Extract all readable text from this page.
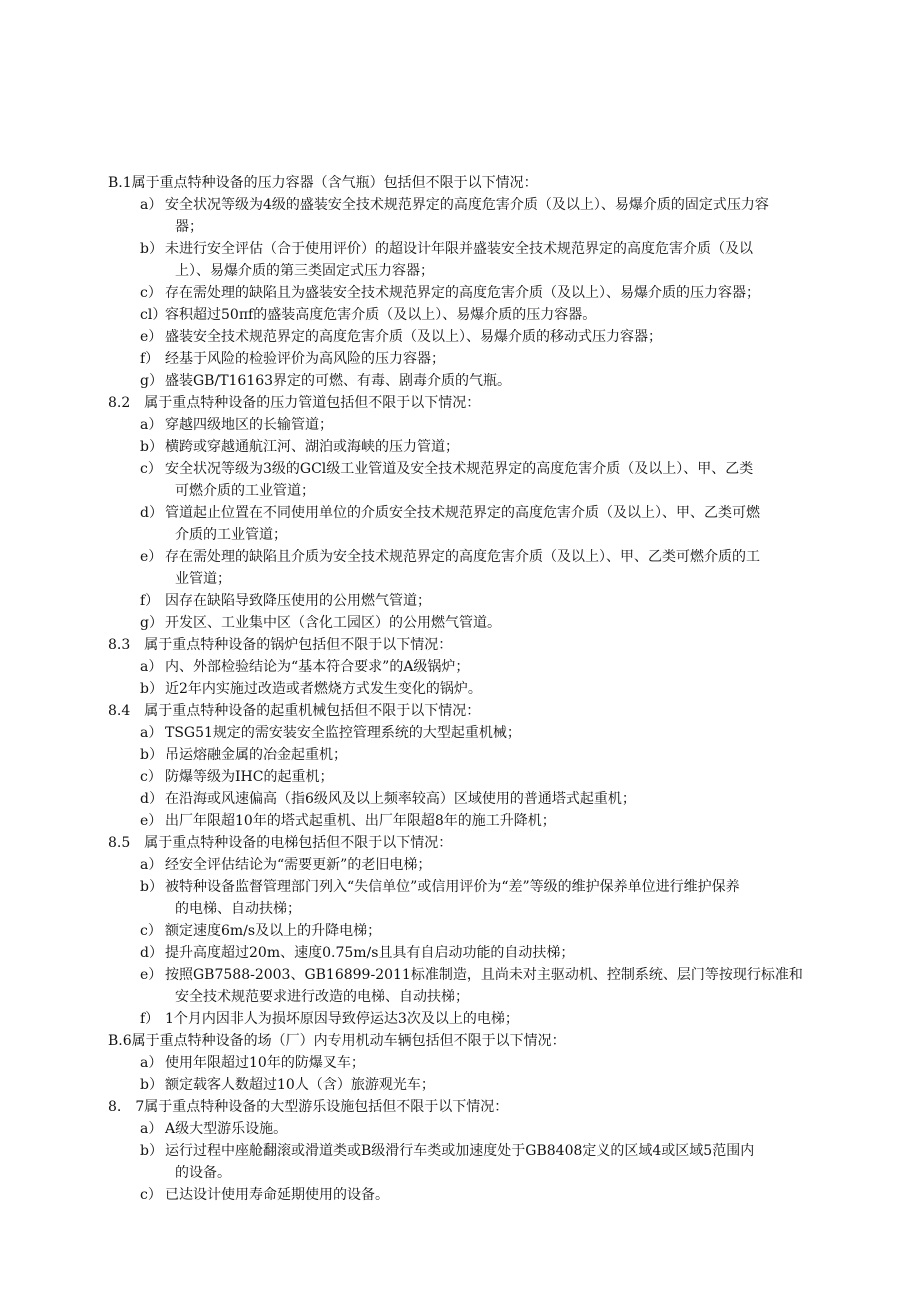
B.1属于重点特种设备的压力容器（含气瓶）包括但不限于以下情况：
a） 安全状况等级为4级的盛装安全技术规范界定的高度危害介质（及以上）、易爆介质的固定式压力容
器；
b） 未进行安全评估（合于使用评价）的超设计年限并盛装安全技术规范界定的高度危害介质（及以
上）、易爆介质的第三类固定式压力容器；
c） 存在需处理的缺陷且为盛装安全技术规范界定的高度危害介质（及以上）、易爆介质的压力容器；
cl）容积超过50πf的盛装高度危害介质（及以上）、易爆介质的压力容器。
e） 盛装安全技术规范界定的高度危害介质（及以上）、易爆介质的移动式压力容器；
f） 经基于风险的检验评价为高风险的压力容器；
g） 盛装GB/T16163界定的可燃、有毒、剧毒介质的气瓶。
8.2　属于重点特种设备的压力管道包括但不限于以下情况：
a） 穿越四级地区的长输管道；
b） 横跨或穿越通航江河、湖泊或海峡的压力管道；
c） 安全状况等级为3级的GCl级工业管道及安全技术规范界定的高度危害介质（及以上）、甲、乙类
可燃介质的工业管道；
d） 管道起止位置在不同使用单位的介质安全技术规范界定的高度危害介质（及以上）、甲、乙类可燃
介质的工业管道；
e） 存在需处理的缺陷且介质为安全技术规范界定的高度危害介质（及以上）、甲、乙类可燃介质的工
业管道；
f） 因存在缺陷导致降压使用的公用燃气管道；
g） 开发区、工业集中区（含化工园区）的公用燃气管道。
8.3　属于重点特种设备的锅炉包括但不限于以下情况：
a） 内、外部检验结论为“基本符合要求”的A级锅炉；
b） 近2年内实施过改造或者燃烧方式发生变化的锅炉。
8.4　属于重点特种设备的起重机械包括但不限于以下情况：
a） TSG51规定的需安装安全监控管理系统的大型起重机械；
b） 吊运熔融金属的冶金起重机；
c） 防爆等级为IHC的起重机；
d） 在沿海或风速偏高（指6级风及以上频率较高）区域使用的普通塔式起重机；
e） 出厂年限超10年的塔式起重机、出厂年限超8年的施工升降机；
8.5　属于重点特种设备的电梯包括但不限于以下情况：
a） 经安全评估结论为“需要更新”的老旧电梯；
b） 被特种设备监督管理部门列入“失信单位”或信用评价为“差”等级的维护保养单位进行维护保养
的电梯、自动扶梯；
c） 额定速度6m∕s及以上的升降电梯；
d） 提升高度超过20m、速度0.75m∕s且具有自启动功能的自动扶梯；
e） 按照GB7588-2003、GB16899-2011标准制造，且尚未对主驱动机、控制系统、层门等按现行标准和
安全技术规范要求进行改造的电梯、自动扶梯；
f） 1个月内因非人为损坏原因导致停运达3次及以上的电梯；
B.6属于重点特种设备的场（厂）内专用机动车辆包括但不限于以下情况：
a） 使用年限超过10年的防爆叉车；
b） 额定载客人数超过10人（含）旅游观光车；
8.　7属于重点特种设备的大型游乐设施包括但不限于以下情况：
a） A级大型游乐设施。
b） 运行过程中座舱翻滚或滑道类或B级滑行车类或加速度处于GB8408定义的区域4或区域5范围内
的设备。
c） 已达设计使用寿命延期使用的设备。
